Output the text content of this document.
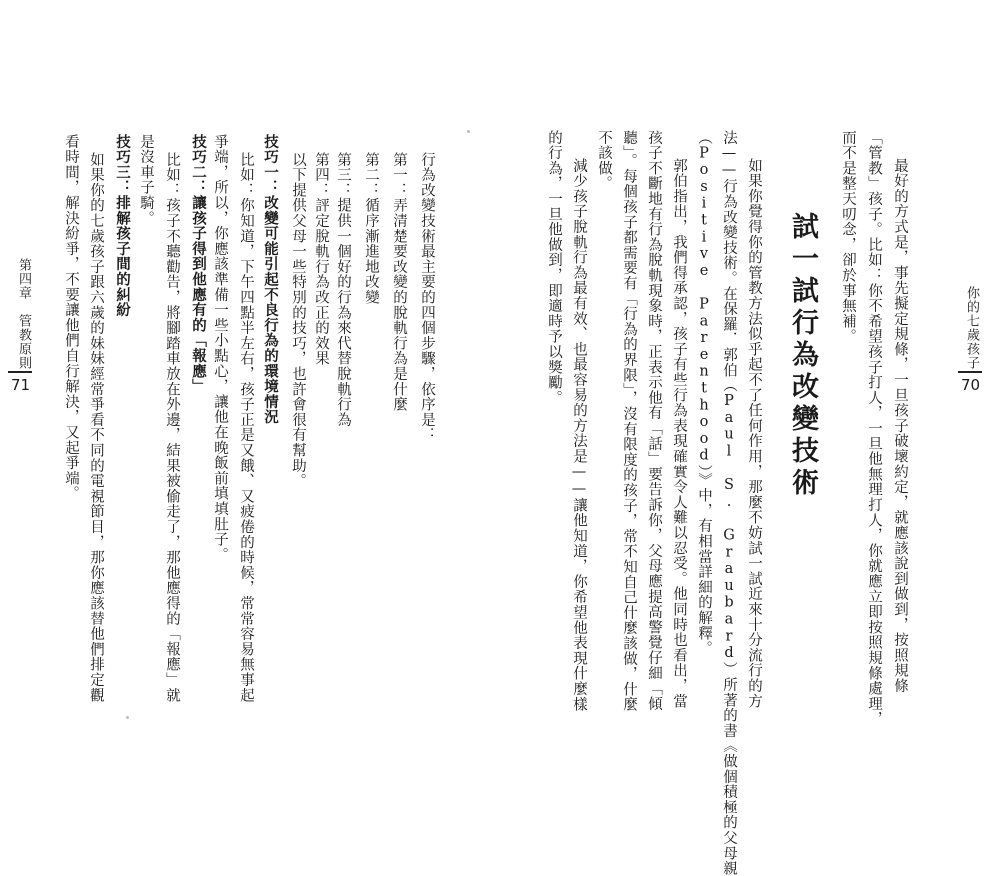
第四章　管教原則
71	行為改變技術最主要的四個步驟，依序是：
第一：弄清楚要改變的脫軌行為是什麼
第二：循序漸進地改變
第三：提供一個好的行為來代替脫軌行為
第四：評定脫軌行為改正的效果
以下提供父母一些特別的技巧，也許會很有幫助。
技巧一：改變可能引起不良行為的環境情況
比如：你知道，下午四點半左右，孩子正是又餓、又疲倦的時候，常常容易無事起
爭端，所以，你應該準備一些小點心，讓他在晚飯前填填肚子。
技巧二：讓孩子得到他應有的「報應」
比如：孩子不聽勸告，將腳踏車放在外邊，結果被偷走了，那他應得的「報應」就
是沒車子騎。
技巧三：排解孩子間的糾紛
如果你的七歲孩子跟六歲的妹妹經常爭看不同的電視節目，那你應該替他們排定觀
看時間，解決紛爭，不要讓他們自行解決，又起爭端。	你的七歲孩子
70
最好的方式是，事先擬定規條，一旦孩子破壞約定，就應該說到做到，按照規條
「管教」孩子。比如：你不希望孩子打人，一旦他無理打人，你就應立即按照規條處理，
而不是整天叨念，卻於事無補。
試一試行為改變技術
如果你覺得你的管教方法似乎起不了任何作用，那麼不妨試一試近來十分流行的方
法——行為改變技術。在保羅．郭伯（Paul S. Graubard）所著的書《做個積極的父母親
（Positive Parenthood）》中，有相當詳細的解釋。
郭伯指出，我們得承認，孩子有些行為表現確實令人難以忍受。他同時也看出，當
孩子不斷地有行為脫軌現象時，正表示他有「話」要告訴你，父母應提高警覺仔細「傾
聽」。每個孩子都需要有「行為的界限」，沒有限度的孩子，常不知自己什麼該做，什麼
不該做。
減少孩子脫軌行為最有效、也最容易的方法是——讓他知道，你希望他表現什麼樣
的行為，一旦他做到，即適時予以獎勵。
